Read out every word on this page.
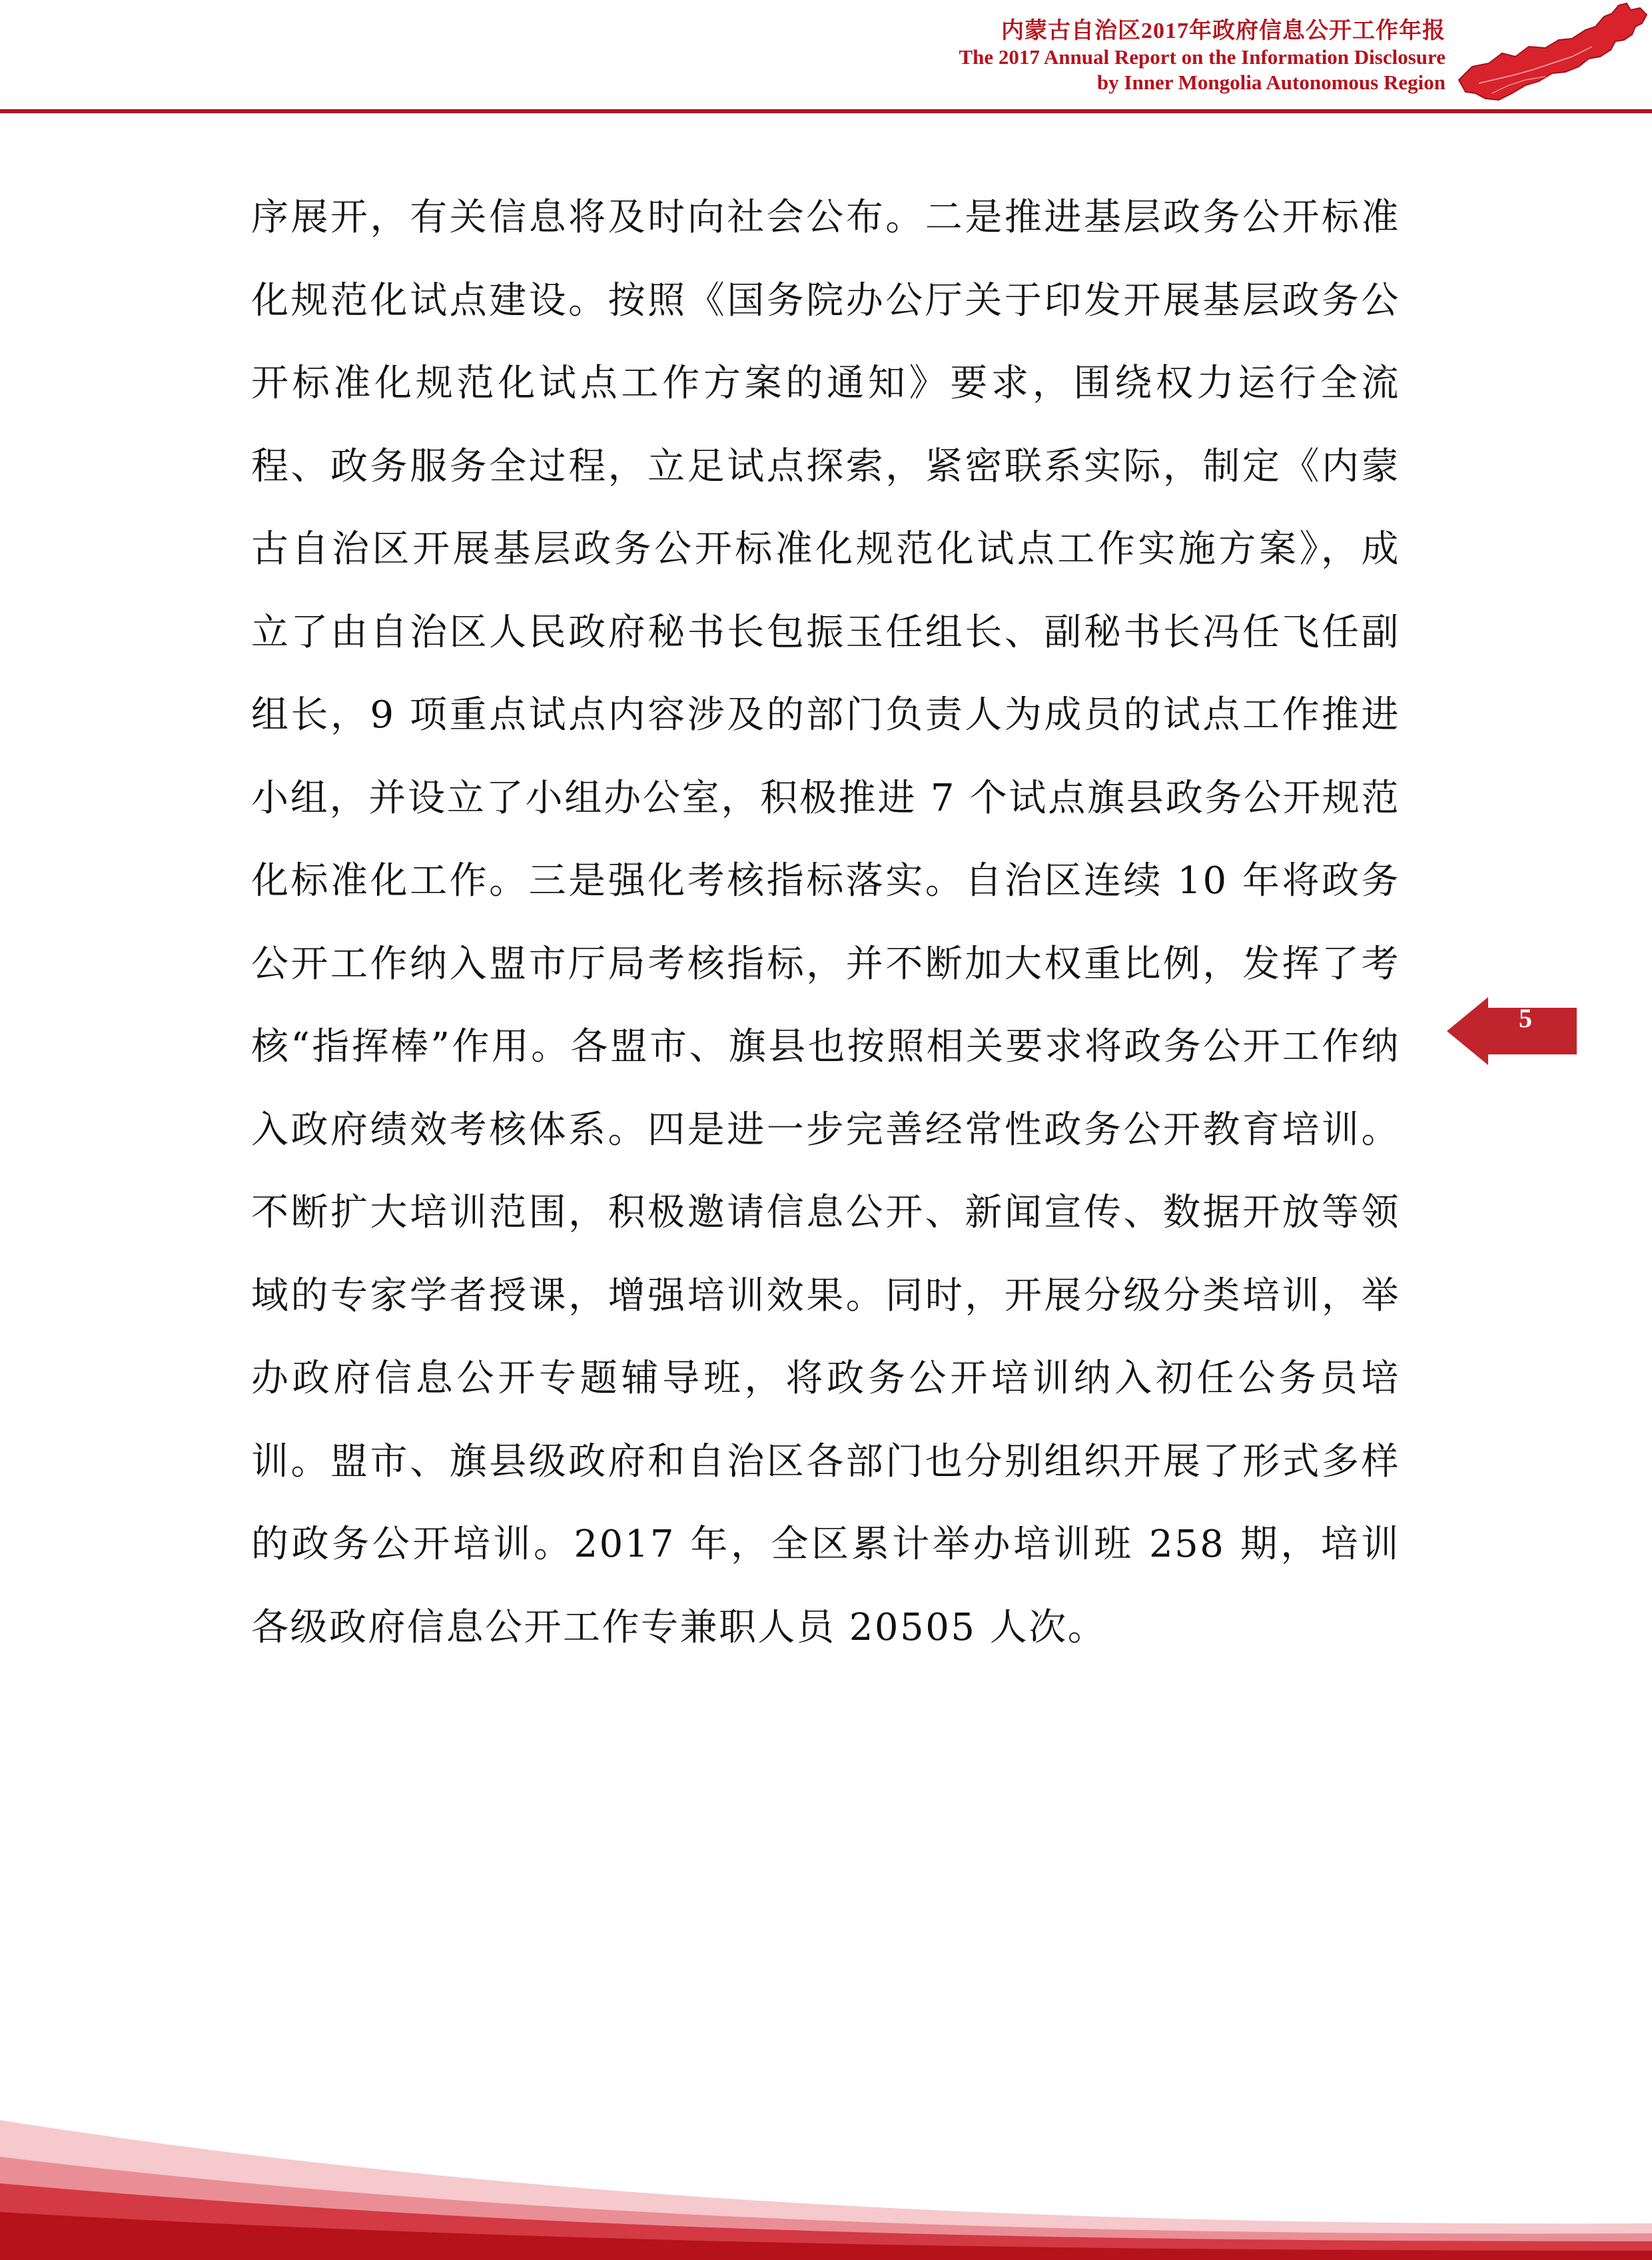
内蒙古自治区2017年政府信息公开工作年报
The 2017 Annual Report on the Information Disclosure
by Inner Mongolia Autonomous Region

序展开，有关信息将及时向社会公布。二是推进基层政务公开标准化规范化试点建设。按照《国务院办公厅关于印发开展基层政务公开标准化规范化试点工作方案的通知》要求，围绕权力运行全流程、政务服务全过程，立足试点探索，紧密联系实际，制定《内蒙古自治区开展基层政务公开标准化规范化试点工作实施方案》，成立了由自治区人民政府秘书长包振玉任组长、副秘书长冯任飞任副组长，9 项重点试点内容涉及的部门负责人为成员的试点工作推进小组，并设立了小组办公室，积极推进 7 个试点旗县政务公开规范化标准化工作。三是强化考核指标落实。自治区连续 10 年将政务公开工作纳入盟市厅局考核指标，并不断加大权重比例，发挥了考核“指挥棒”作用。各盟市、旗县也按照相关要求将政务公开工作纳入政府绩效考核体系。四是进一步完善经常性政务公开教育培训。不断扩大培训范围，积极邀请信息公开、新闻宣传、数据开放等领域的专家学者授课，增强培训效果。同时，开展分级分类培训，举办政府信息公开专题辅导班，将政务公开培训纳入初任公务员培训。盟市、旗县级政府和自治区各部门也分别组织开展了形式多样的政务公开培训。2017 年，全区累计举办培训班 258 期，培训各级政府信息公开工作专兼职人员 20505 人次。

5
